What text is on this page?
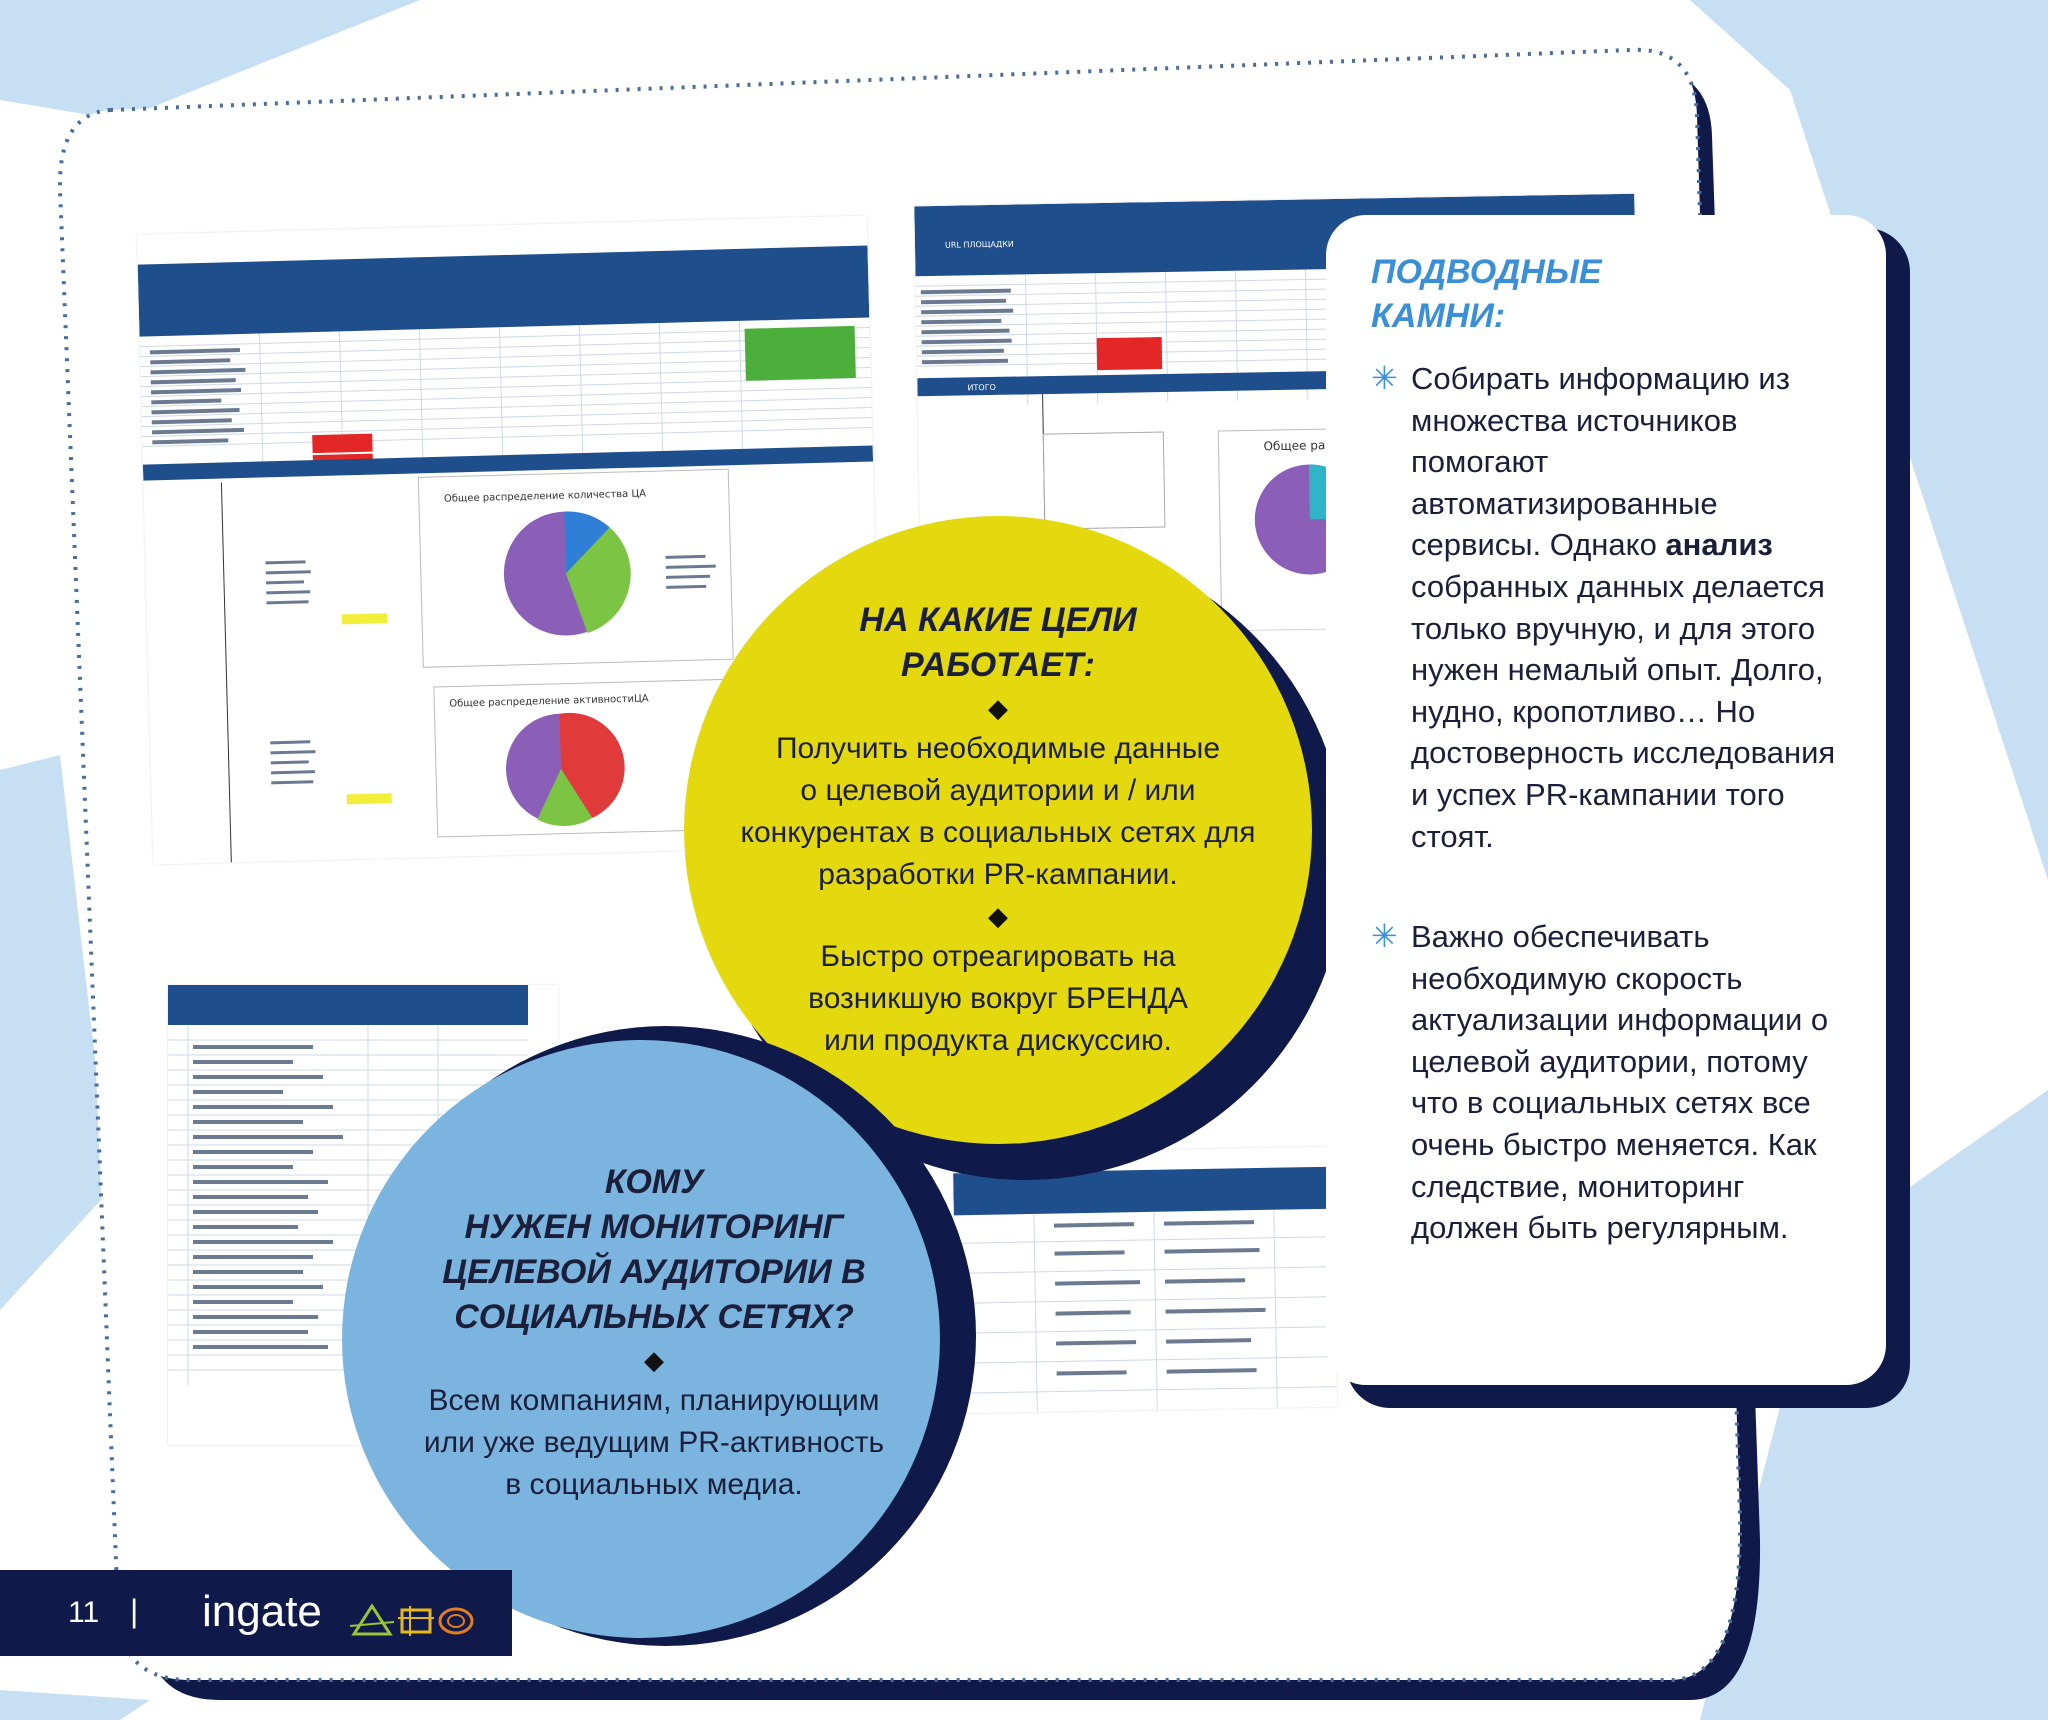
Общее распределение количества ЦА
Общее распределение активностиЦА
URL ПЛОЩАДКИ
ИТОГО
Общее ра
НА КАКИЕ ЦЕЛИ
РАБОТАЕТ:
◆
Получить необходимые данные
о целевой аудитории и / или
конкурентах в социальных сетях для
разработки PR-кампании.
◆
Быстро отреагировать на
возникшую вокруг БРЕНДА
или продукта дискуссию.
КОМУ
НУЖЕН МОНИТОРИНГ
ЦЕЛЕВОЙ АУДИТОРИИ В
СОЦИАЛЬНЫХ СЕТЯХ?
◆
Всем компаниям, планирующим
или уже ведущим PR-активность
в социальных медиа.
ПОДВОДНЫЕ
КАМНИ:
✳ Собирать информацию из множества источников помогают автоматизированные сервисы. Однако анализ собранных данных делается только вручную, и для этого нужен немалый опыт. Долго, нудно, кропотливо… Но достоверность исследования и успех PR-кампании того стоят.
✳ Важно обеспечивать необходимую скорость актуализации информации о целевой аудитории, потому что в социальных сетях все очень быстро меняется. Как следствие, мониторинг должен быть регулярным.
11 | ingate
